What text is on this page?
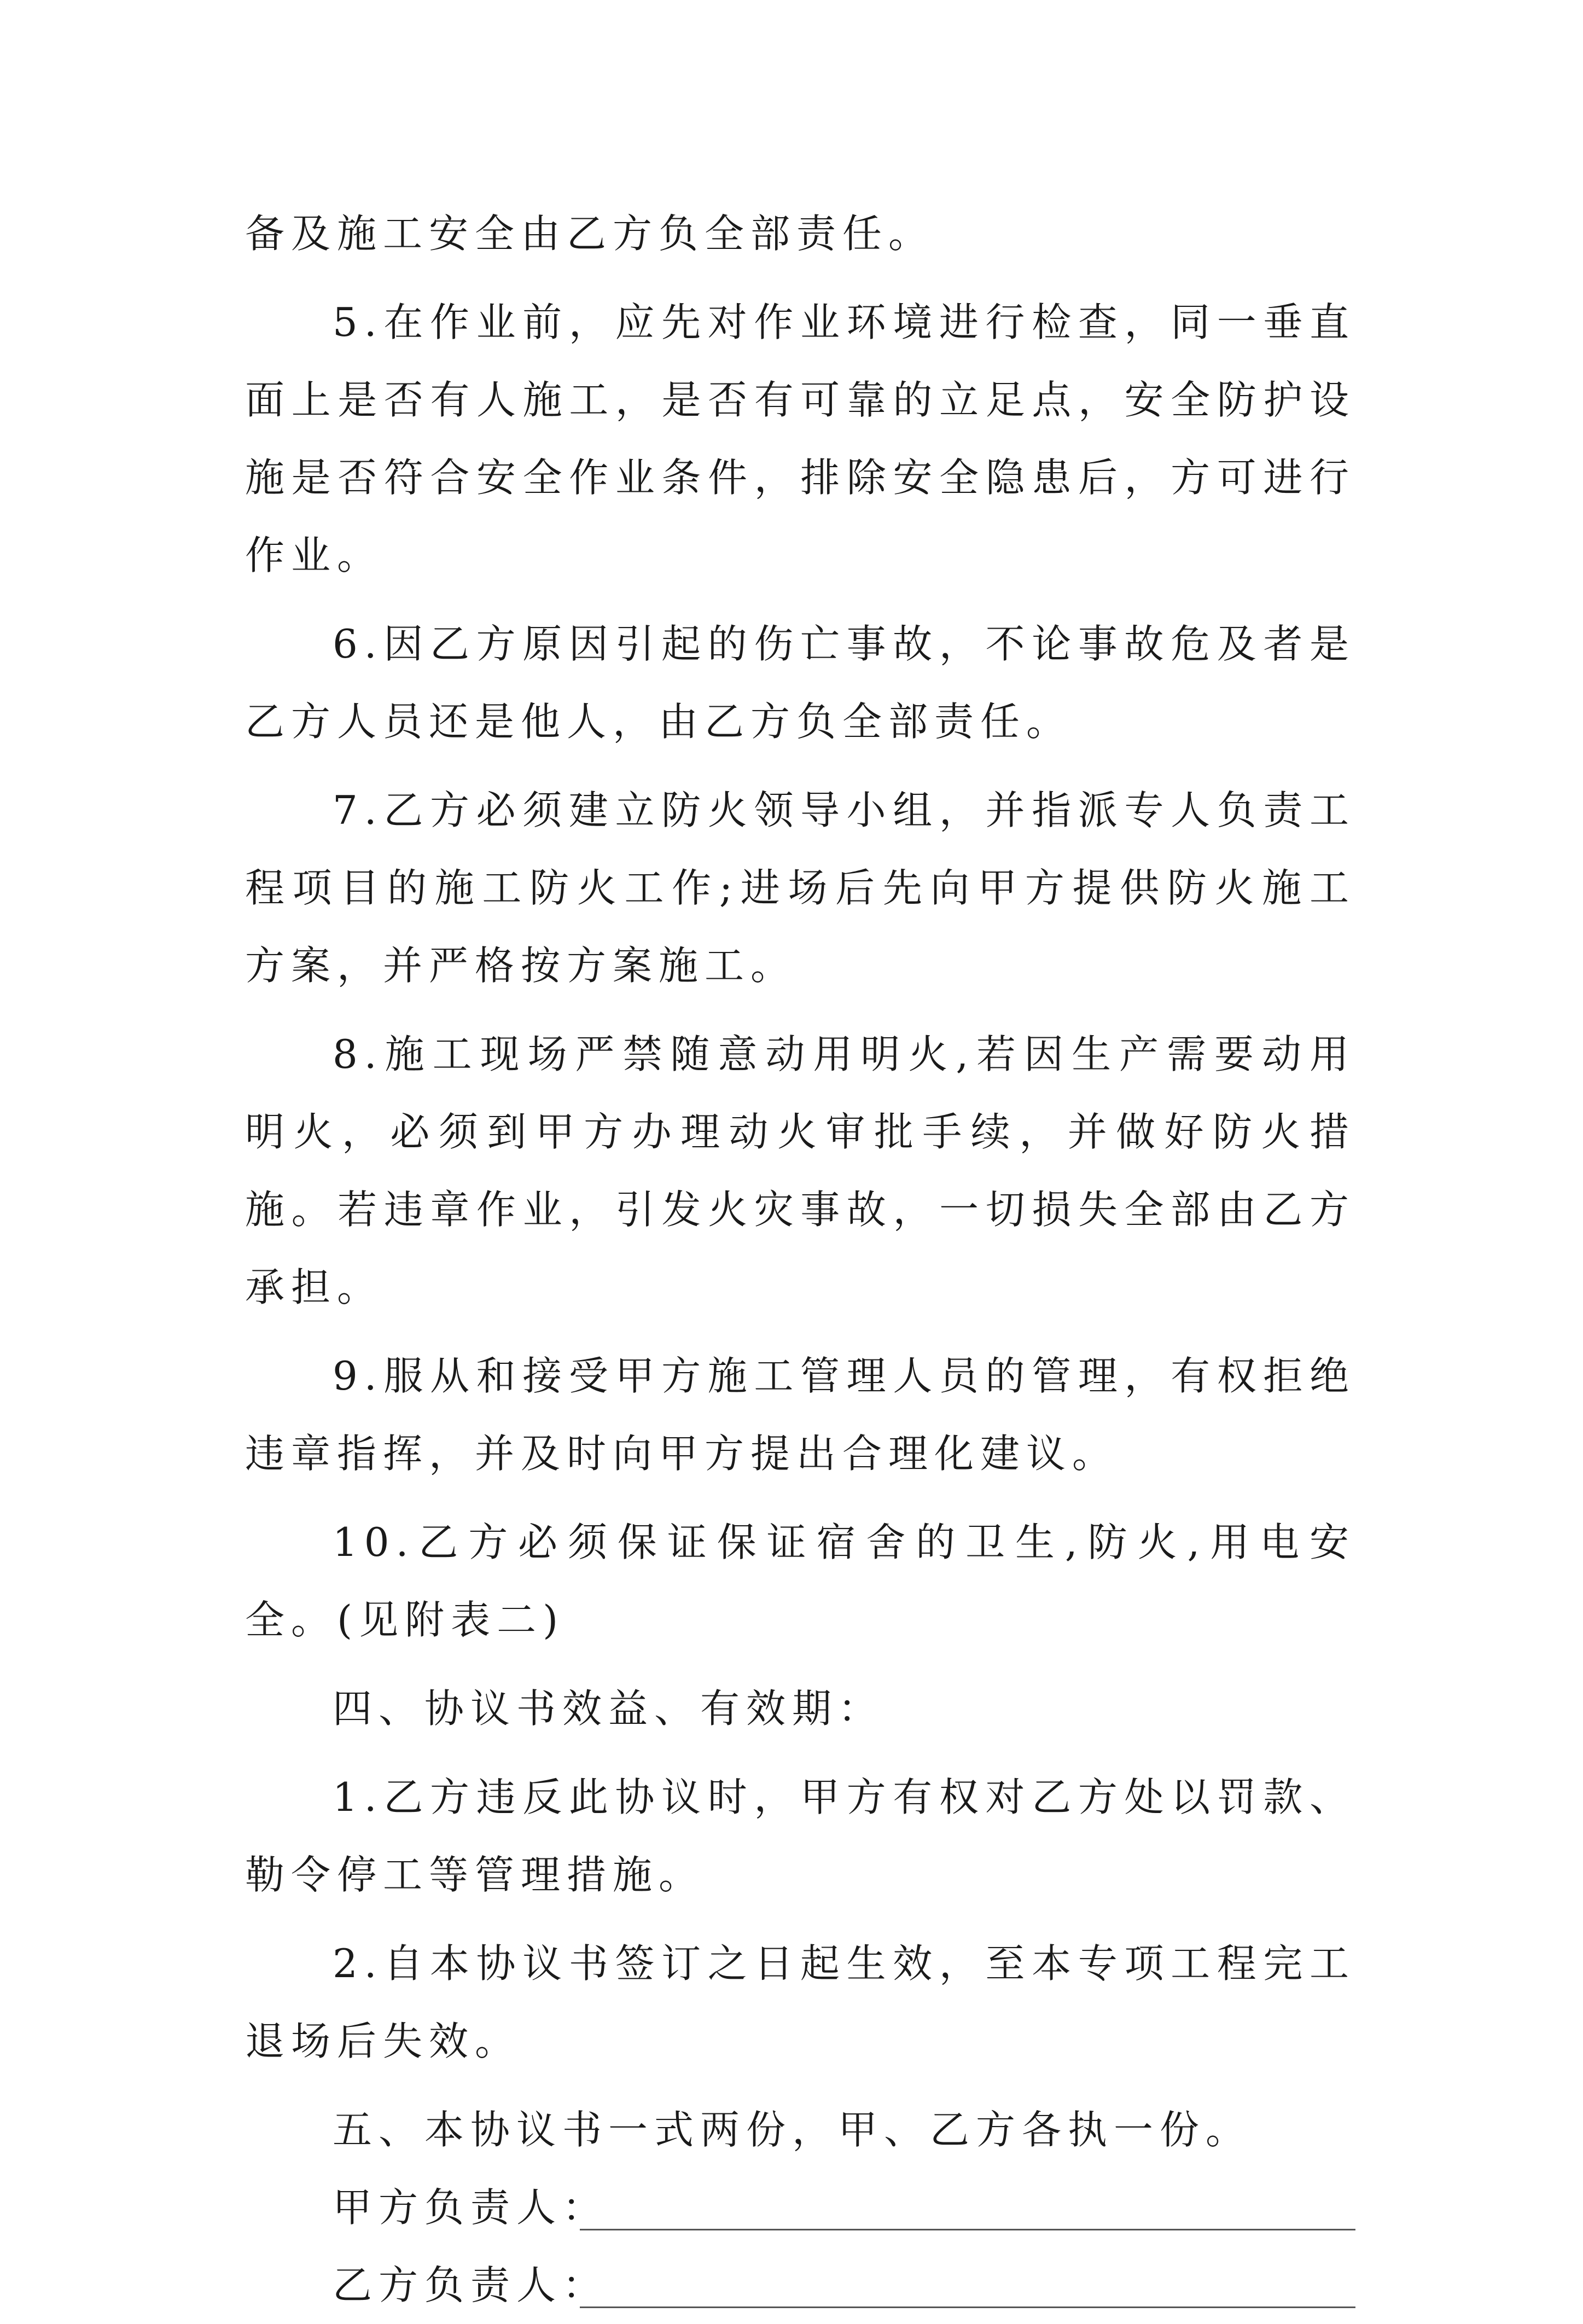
备及施工安全由乙方负全部责任。

5.在作业前，应先对作业环境进行检查，同一垂直面上是否有人施工，是否有可靠的立足点，安全防护设施是否符合安全作业条件，排除安全隐患后，方可进行作业。

6.因乙方原因引起的伤亡事故，不论事故危及者是乙方人员还是他人，由乙方负全部责任。

7.乙方必须建立防火领导小组，并指派专人负责工程项目的施工防火工作;进场后先向甲方提供防火施工方案，并严格按方案施工。

8.施工现场严禁随意动用明火,若因生产需要动用明火，必须到甲方办理动火审批手续，并做好防火措施。若违章作业，引发火灾事故，一切损失全部由乙方承担。

9.服从和接受甲方施工管理人员的管理，有权拒绝违章指挥，并及时向甲方提出合理化建议。

10.乙方必须保证保证宿舍的卫生,防火,用电安全。(见附表二)

四、协议书效益、有效期：

1.乙方违反此协议时，甲方有权对乙方处以罚款、勒令停工等管理措施。

2.自本协议书签订之日起生效，至本专项工程完工退场后失效。

五、本协议书一式两份，甲、乙方各执一份。

甲方负责人：
乙方负责人：
